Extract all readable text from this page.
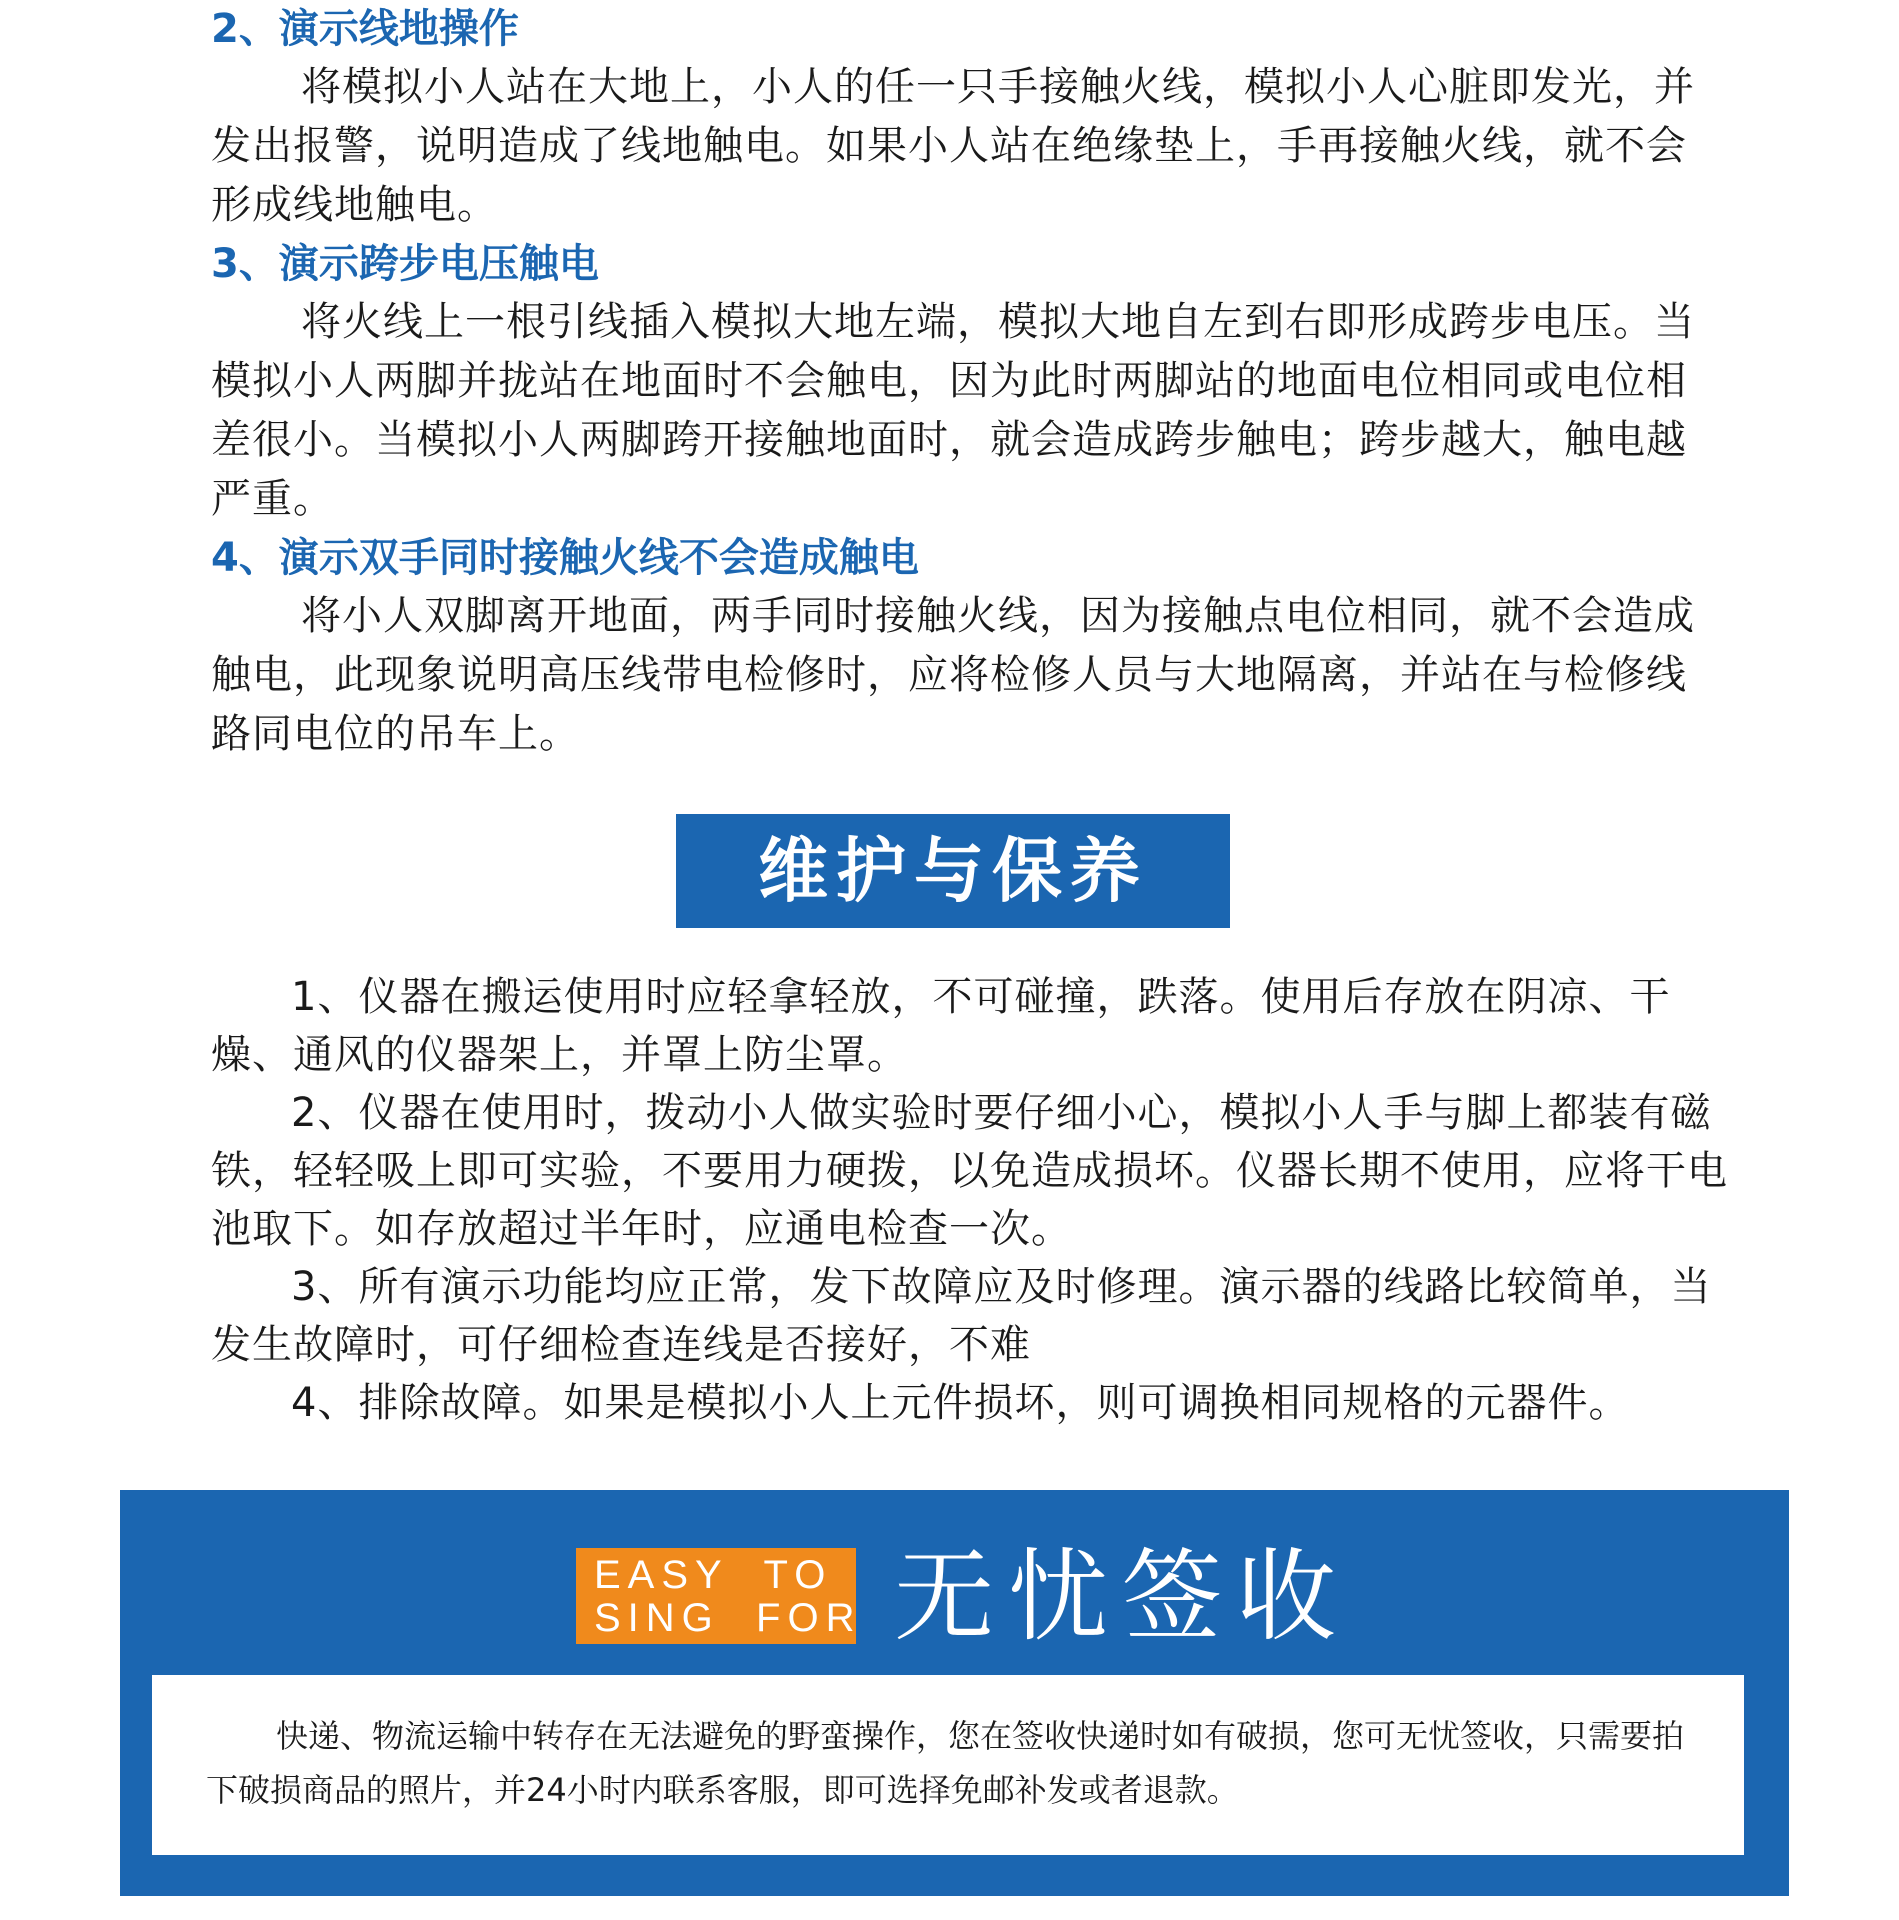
2、演示线地操作

将模拟小人站在大地上，小人的任一只手接触火线，模拟小人心脏即发光，并发出报警，说明造成了线地触电。如果小人站在绝缘垫上，手再接触火线，就不会形成线地触电。

3、演示跨步电压触电

将火线上一根引线插入模拟大地左端，模拟大地自左到右即形成跨步电压。当模拟小人两脚并拢站在地面时不会触电，因为此时两脚站的地面电位相同或电位相差很小。当模拟小人两脚跨开接触地面时，就会造成跨步触电；跨步越大，触电越严重。

4、演示双手同时接触火线不会造成触电

将小人双脚离开地面，两手同时接触火线，因为接触点电位相同，就不会造成触电，此现象说明高压线带电检修时，应将检修人员与大地隔离，并站在与检修线路同电位的吊车上。

维护与保养

1、仪器在搬运使用时应轻拿轻放，不可碰撞，跌落。使用后存放在阴凉、干燥、通风的仪器架上，并罩上防尘罩。

2、仪器在使用时，拨动小人做实验时要仔细小心，模拟小人手与脚上都装有磁铁，轻轻吸上即可实验，不要用力硬拨，以免造成损坏。仪器长期不使用，应将干电池取下。如存放超过半年时，应通电检查一次。

3、所有演示功能均应正常，发下故障应及时修理。演示器的线路比较简单，当发生故障时，可仔细检查连线是否接好，不难

4、排除故障。如果是模拟小人上元件损坏，则可调换相同规格的元器件。

EASY  TO
SING  FOR 无忧签收

快递、物流运输中转存在无法避免的野蛮操作，您在签收快递时如有破损，您可无忧签收，只需要拍下破损商品的照片，并24小时内联系客服，即可选择免邮补发或者退款。
